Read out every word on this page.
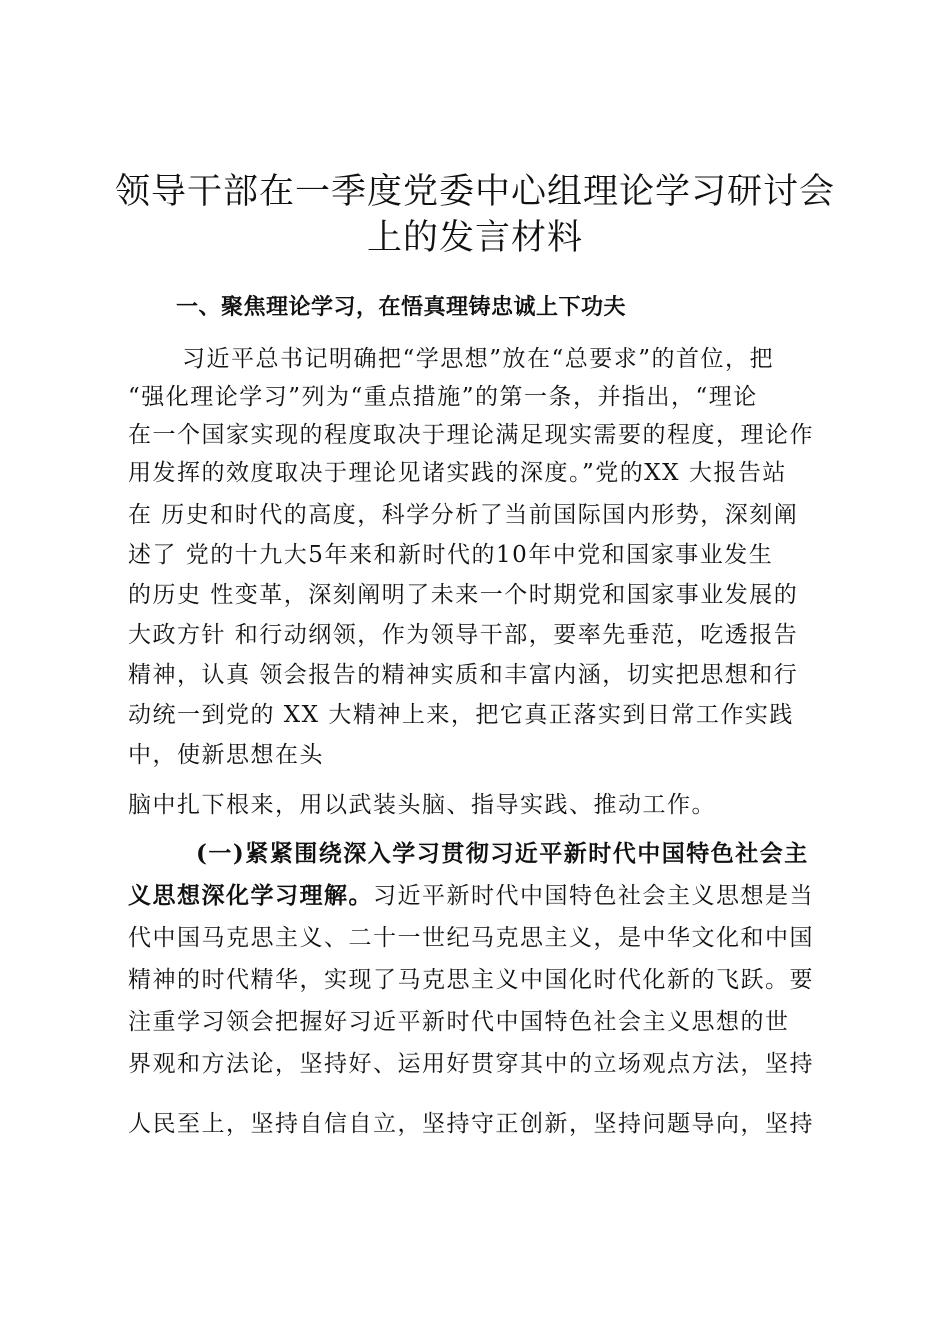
领导干部在一季度党委中心组理论学习研讨会
上的发言材料
一、聚焦理论学习，在悟真理铸忠诚上下功夫

习近平总书记明确把“学思想”放在“总要求”的首位，把

“强化理论学习”列为“重点措施”的第一条，并指出，“理论

在一个国家实现的程度取决于理论满足现实需要的程度，理论作

用发挥的效度取决于理论见诸实践的深度。”党的XX 大报告站

在 历史和时代的高度，科学分析了当前国际国内形势，深刻阐

述了 党的十九大5年来和新时代的10年中党和国家事业发生

的历史 性变革，深刻阐明了未来一个时期党和国家事业发展的

大政方针 和行动纲领，作为领导干部，要率先垂范，吃透报告

精神，认真 领会报告的精神实质和丰富内涵，切实把思想和行

动统一到党的 XX 大精神上来，把它真正落实到日常工作实践

中，使新思想在头

脑中扎下根来，用以武装头脑、指导实践、推动工作。

(一)紧紧围绕深入学习贯彻习近平新时代中国特色社会主

义思想深化学习理解。习近平新时代中国特色社会主义思想是当

代中国马克思主义、二十一世纪马克思主义，是中华文化和中国

精神的时代精华，实现了马克思主义中国化时代化新的飞跃。要

注重学习领会把握好习近平新时代中国特色社会主义思想的世

界观和方法论，坚持好、运用好贯穿其中的立场观点方法，坚持

人民至上，坚持自信自立，坚持守正创新，坚持问题导向，坚持
